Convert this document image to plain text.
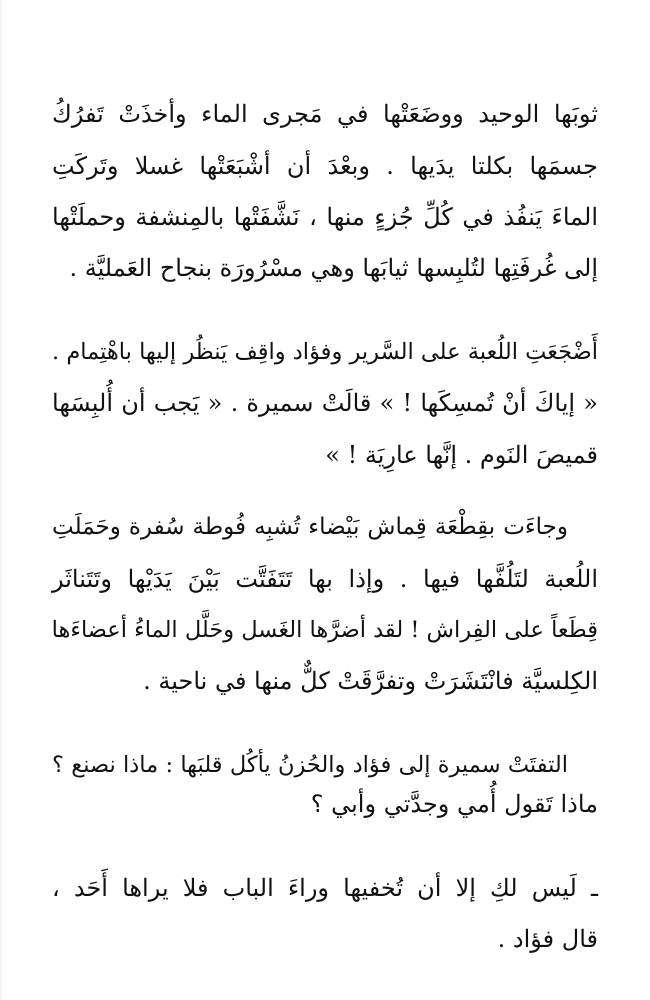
ثوبَها الوحيد ووضَعَتْها في مَجرى الماء وأخذَتْ تَفرُكُ

جسمَها بكلتا يدَيها . وبعْدَ أن أشْبَعَتْها غسلا وتَركَتِ

الماءَ يَنفُذ في كُلِّ جُزءٍ منها ، نَشَّفَتْها بالمِنشفة وحملَتْها

إلى غُرفَتِها لتُلبِسها ثيابَها وهي مسْرُورَة بنجاح العَمليَّة .

أَضْجَعَتِ اللُعبة على السَّرير وفؤاد واقِف يَنظُر إليها باهْتِمام .

« إياكَ أنْ تُمسِكَها ! » قالَتْ سميرة . « يَجب أن أُلبِسَها

قميصَ النَوم . إنَّها عارِيَة ! »

وجاءَت بقِطْعَة قِماش بَيْضاء تُشبِه فُوطة سُفرة وحَمَلَتِ

اللُعبة لتَلُفَّها فيها . وإذا بها تَتَفَتَّت بَيْنَ يَدَيْها وتَتَناثَر

قِطَعاً على الفِراش ! لقد أضرَّها الغَسل وحَلَّل الماءُ أعضاءَها

الكِلسيَّة فانْتَشَرَتْ وتفرَّقَتْ كلٌّ منها في ناحية .

التفتَتْ سميرة إلى فؤاد والحُزنُ يأكُل قلبَها : ماذا نصنع ؟

ماذا تَقول أُمي وجدَّتي وأبي ؟

ـ لَيس لكِ إلا أن تُخفيها وراءَ الباب فلا يراها أَحَد ،

قال فؤاد .
